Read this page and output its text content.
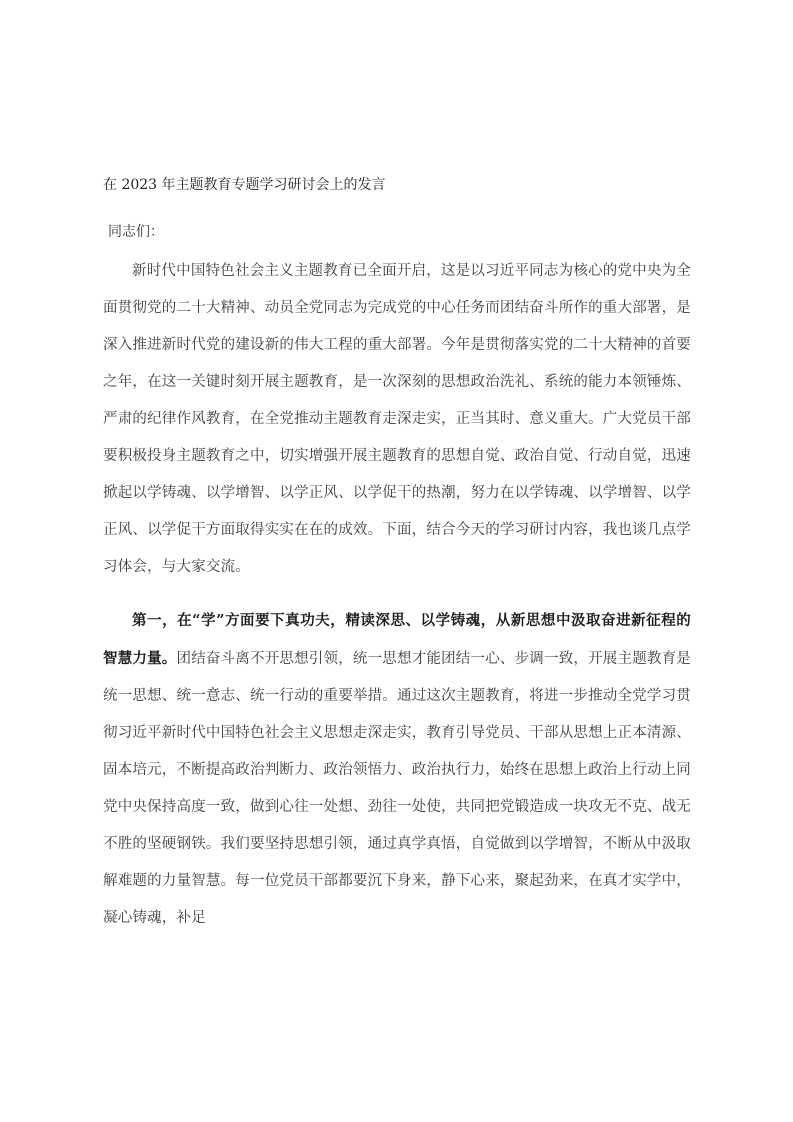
在 2023 年主题教育专题学习研讨会上的发言

同志们：

新时代中国特色社会主义主题教育已全面开启，这是以习近平同志为核心的党中央为全面贯彻党的二十大精神、动员全党同志为完成党的中心任务而团结奋斗所作的重大部署，是深入推进新时代党的建设新的伟大工程的重大部署。今年是贯彻落实党的二十大精神的首要之年，在这一关键时刻开展主题教育，是一次深刻的思想政治洗礼、系统的能力本领锤炼、严肃的纪律作风教育，在全党推动主题教育走深走实，正当其时、意义重大。广大党员干部要积极投身主题教育之中，切实增强开展主题教育的思想自觉、政治自觉、行动自觉，迅速掀起以学铸魂、以学增智、以学正风、以学促干的热潮，努力在以学铸魂、以学增智、以学正风、以学促干方面取得实实在在的成效。下面，结合今天的学习研讨内容，我也谈几点学习体会，与大家交流。

第一，在“学”方面要下真功夫，精读深思、以学铸魂，从新思想中汲取奋进新征程的智慧力量。团结奋斗离不开思想引领，统一思想才能团结一心、步调一致，开展主题教育是统一思想、统一意志、统一行动的重要举措。通过这次主题教育，将进一步推动全党学习贯彻习近平新时代中国特色社会主义思想走深走实，教育引导党员、干部从思想上正本清源、固本培元，不断提高政治判断力、政治领悟力、政治执行力，始终在思想上政治上行动上同党中央保持高度一致，做到心往一处想、劲往一处使，共同把党锻造成一块攻无不克、战无不胜的坚硬钢铁。我们要坚持思想引领，通过真学真悟，自觉做到以学增智，不断从中汲取解难题的力量智慧。每一位党员干部都要沉下身来，静下心来，聚起劲来，在真才实学中，凝心铸魂，补足
